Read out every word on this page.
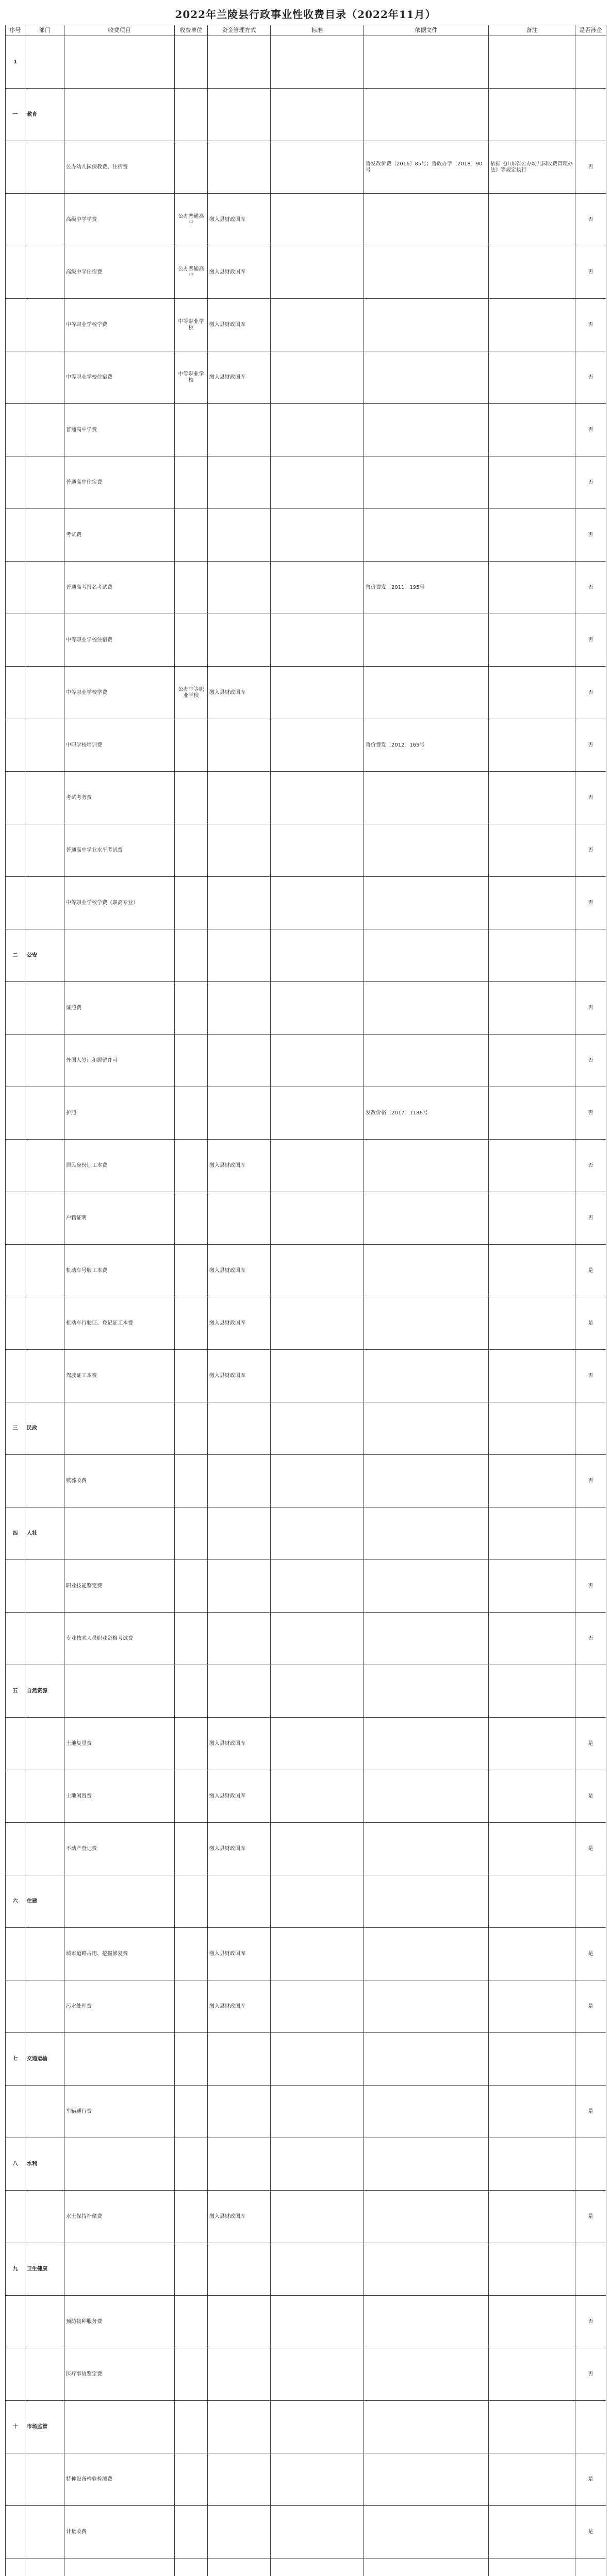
2022年兰陵县行政事业性收费目录（2022年11月）
序号	部门	收费项目	收费单位	资金管理方式	标准	依据文件	备注	是否涉企
1								
一	教育							
		公办幼儿园保教费、住宿费				鲁发改价费〔2016〕85号；鲁政办字〔2018〕90号	依据《山东省公办幼儿园收费管理办法》等规定执行	否
		高级中学学费	公办普通高中	缴入县财政国库				否
		高级中学住宿费	公办普通高中	缴入县财政国库				否
		中等职业学校学费	中等职业学校	缴入县财政国库				否
		中等职业学校住宿费	中等职业学校	缴入县财政国库				否
		普通高中学费						否
		普通高中住宿费						否
		考试费						否
		普通高考报名考试费				鲁价费发〔2011〕195号		否
		中等职业学校住宿费						否
		中等职业学校学费	公办中等职业学校	缴入县财政国库				否
		中职学校培训费				鲁价费发〔2012〕165号		否
		考试考务费						否
		普通高中学业水平考试费						否
		中等职业学校学费（职高专业）						否
二	公安							
		证照费						否
		外国人签证和居留许可						否
		护照				发改价格〔2017〕1186号		否
		居民身份证工本费		缴入县财政国库				否
		户籍证明						否
		机动车号牌工本费		缴入县财政国库				是
		机动车行驶证、登记证工本费		缴入县财政国库				是
		驾驶证工本费		缴入县财政国库				否
三	民政							
		殡葬收费						否
四	人社							
		职业技能鉴定费						否
		专业技术人员职业资格考试费						否
五	自然资源							
		土地复垦费		缴入县财政国库				是
		土地闲置费		缴入县财政国库				是
		不动产登记费		缴入县财政国库				是
六	住建							
		城市道路占用、挖掘修复费		缴入县财政国库				是
		污水处理费		缴入县财政国库				是
七	交通运输							
		车辆通行费						是
八	水利							
		水土保持补偿费		缴入县财政国库				是
九	卫生健康							
		预防接种服务费						否
		医疗事故鉴定费						否
十	市场监管							
		特种设备检验检测费						是
		计量收费						是
